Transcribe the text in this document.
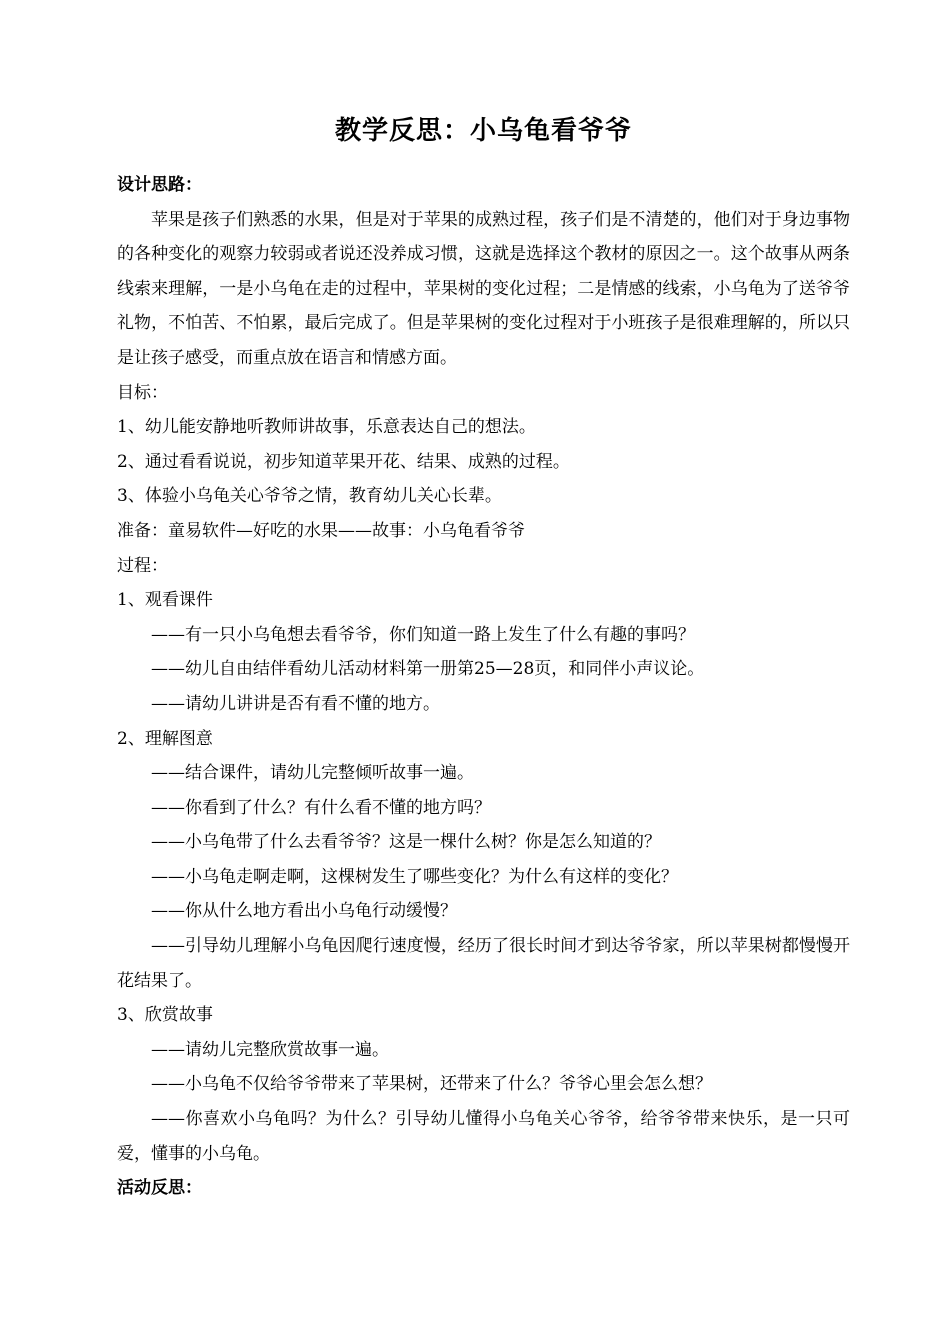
教学反思：小乌龟看爷爷
设计思路：
苹果是孩子们熟悉的水果，但是对于苹果的成熟过程，孩子们是不清楚的，他们对于身边事物的各种变化的观察力较弱或者说还没养成习惯，这就是选择这个教材的原因之一。这个故事从两条线索来理解，一是小乌龟在走的过程中，苹果树的变化过程；二是情感的线索，小乌龟为了送爷爷礼物，不怕苦、不怕累，最后完成了。但是苹果树的变化过程对于小班孩子是很难理解的，所以只是让孩子感受，而重点放在语言和情感方面。
目标：
1、幼儿能安静地听教师讲故事，乐意表达自己的想法。
2、通过看看说说，初步知道苹果开花、结果、成熟的过程。
3、体验小乌龟关心爷爷之情，教育幼儿关心长辈。
准备：童易软件—好吃的水果——故事：小乌龟看爷爷
过程：
1、观看课件
——有一只小乌龟想去看爷爷，你们知道一路上发生了什么有趣的事吗？
——幼儿自由结伴看幼儿活动材料第一册第25—28页，和同伴小声议论。
——请幼儿讲讲是否有看不懂的地方。
2、理解图意
——结合课件，请幼儿完整倾听故事一遍。
——你看到了什么？有什么看不懂的地方吗？
——小乌龟带了什么去看爷爷？这是一棵什么树？你是怎么知道的？
——小乌龟走啊走啊，这棵树发生了哪些变化？为什么有这样的变化？
——你从什么地方看出小乌龟行动缓慢？
——引导幼儿理解小乌龟因爬行速度慢，经历了很长时间才到达爷爷家，所以苹果树都慢慢开花结果了。
3、欣赏故事
——请幼儿完整欣赏故事一遍。
——小乌龟不仅给爷爷带来了苹果树，还带来了什么？爷爷心里会怎么想？
——你喜欢小乌龟吗？为什么？引导幼儿懂得小乌龟关心爷爷，给爷爷带来快乐，是一只可爱，懂事的小乌龟。
活动反思：
